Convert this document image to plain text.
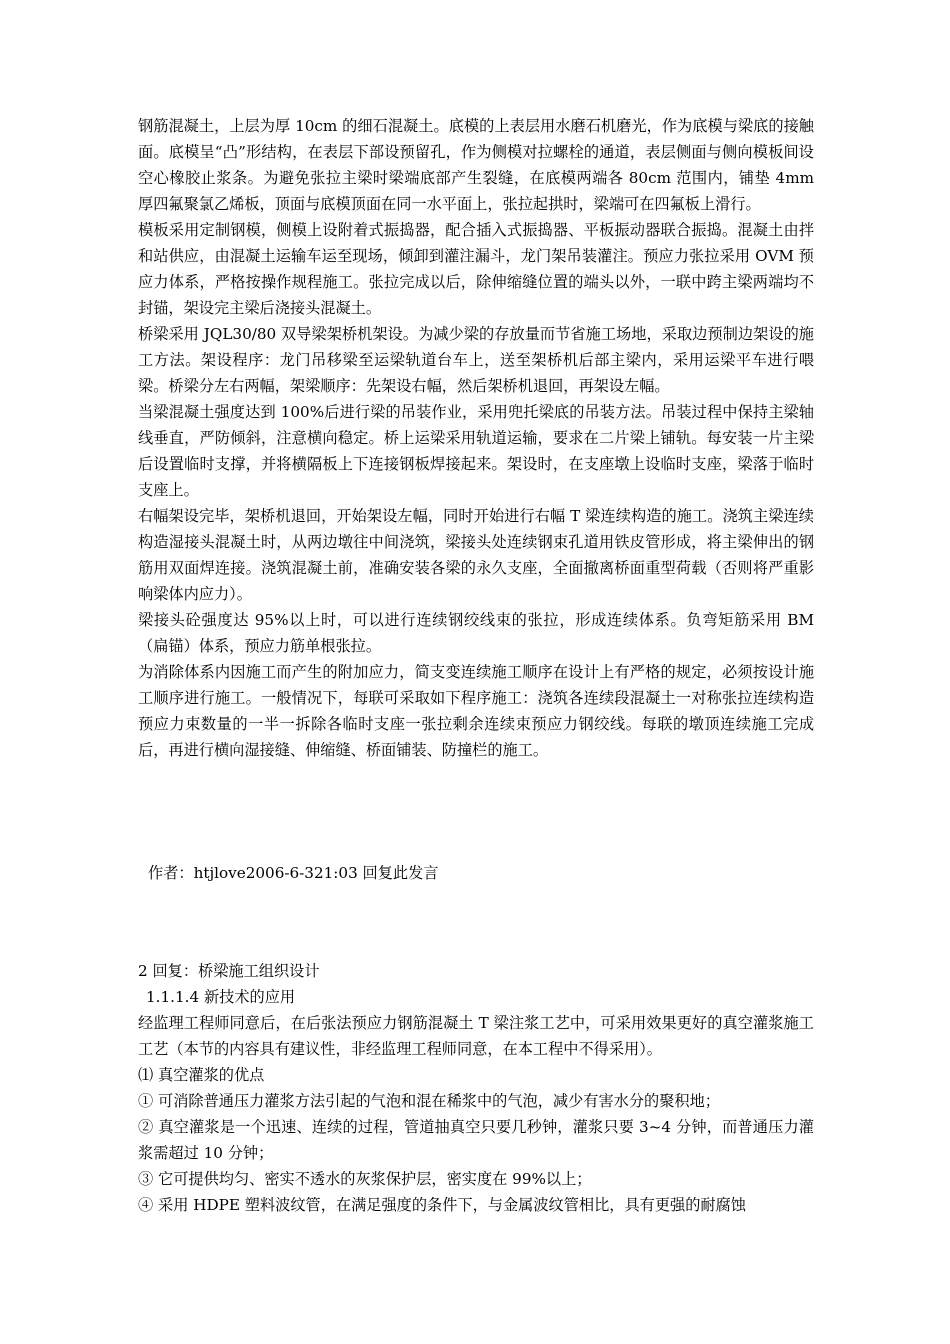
钢筋混凝土，上层为厚 10cm 的细石混凝土。底模的上表层用水磨石机磨光，作为底模与梁底的接触面。底模呈“凸”形结构，在表层下部设预留孔，作为侧模对拉螺栓的通道，表层侧面与侧向模板间设空心橡胶止浆条。为避免张拉主梁时梁端底部产生裂缝，在底模两端各 80cm 范围内，铺垫 4mm 厚四氟聚氯乙烯板，顶面与底模顶面在同一水平面上，张拉起拱时，梁端可在四氟板上滑行。

模板采用定制钢模，侧模上设附着式振捣器，配合插入式振捣器、平板振动器联合振捣。混凝土由拌和站供应，由混凝土运输车运至现场，倾卸到灌注漏斗，龙门架吊装灌注。预应力张拉采用 OVM 预应力体系，严格按操作规程施工。张拉完成以后，除伸缩缝位置的端头以外，一联中跨主梁两端均不封锚，架设完主梁后浇接头混凝土。

桥梁采用 JQL30/80 双导梁架桥机架设。为减少梁的存放量而节省施工场地，采取边预制边架设的施工方法。架设程序：龙门吊移梁至运梁轨道台车上，送至架桥机后部主梁内，采用运梁平车进行喂梁。桥梁分左右两幅，架梁顺序：先架设右幅，然后架桥机退回，再架设左幅。

当梁混凝土强度达到 100%后进行梁的吊装作业，采用兜托梁底的吊装方法。吊装过程中保持主梁轴线垂直，严防倾斜，注意横向稳定。桥上运梁采用轨道运输，要求在二片梁上铺轨。每安装一片主梁后设置临时支撑，并将横隔板上下连接钢板焊接起来。架设时，在支座墩上设临时支座，梁落于临时支座上。

右幅架设完毕，架桥机退回，开始架设左幅，同时开始进行右幅 T 梁连续构造的施工。浇筑主梁连续构造湿接头混凝土时，从两边墩往中间浇筑，梁接头处连续钢束孔道用铁皮管形成，将主梁伸出的钢筋用双面焊连接。浇筑混凝土前，准确安装各梁的永久支座，全面撤离桥面重型荷载（否则将严重影响梁体内应力）。

梁接头砼强度达 95%以上时，可以进行连续钢绞线束的张拉，形成连续体系。负弯矩筋采用 BM（扁锚）体系，预应力筋单根张拉。

为消除体系内因施工而产生的附加应力，简支变连续施工顺序在设计上有严格的规定，必须按设计施工顺序进行施工。一般情况下，每联可采取如下程序施工：浇筑各连续段混凝土一对称张拉连续构造预应力束数量的一半一拆除各临时支座一张拉剩余连续束预应力钢绞线。每联的墩顶连续施工完成后，再进行横向湿接缝、伸缩缝、桥面铺装、防撞栏的施工。

作者：htjlove2006-6-321:03 回复此发言

2 回复：桥梁施工组织设计

1.1.1.4 新技术的应用

经监理工程师同意后，在后张法预应力钢筋混凝土 T 梁注浆工艺中，可采用效果更好的真空灌浆施工工艺（本节的内容具有建议性，非经监理工程师同意，在本工程中不得采用）。

⑴ 真空灌浆的优点

① 可消除普通压力灌浆方法引起的气泡和混在稀浆中的气泡，减少有害水分的聚积地；

② 真空灌浆是一个迅速、连续的过程，管道抽真空只要几秒钟，灌浆只要 3~4 分钟，而普通压力灌浆需超过 10 分钟；

③ 它可提供均匀、密实不透水的灰浆保护层，密实度在 99%以上；

④ 采用 HDPE 塑料波纹管，在满足强度的条件下，与金属波纹管相比，具有更强的耐腐蚀
